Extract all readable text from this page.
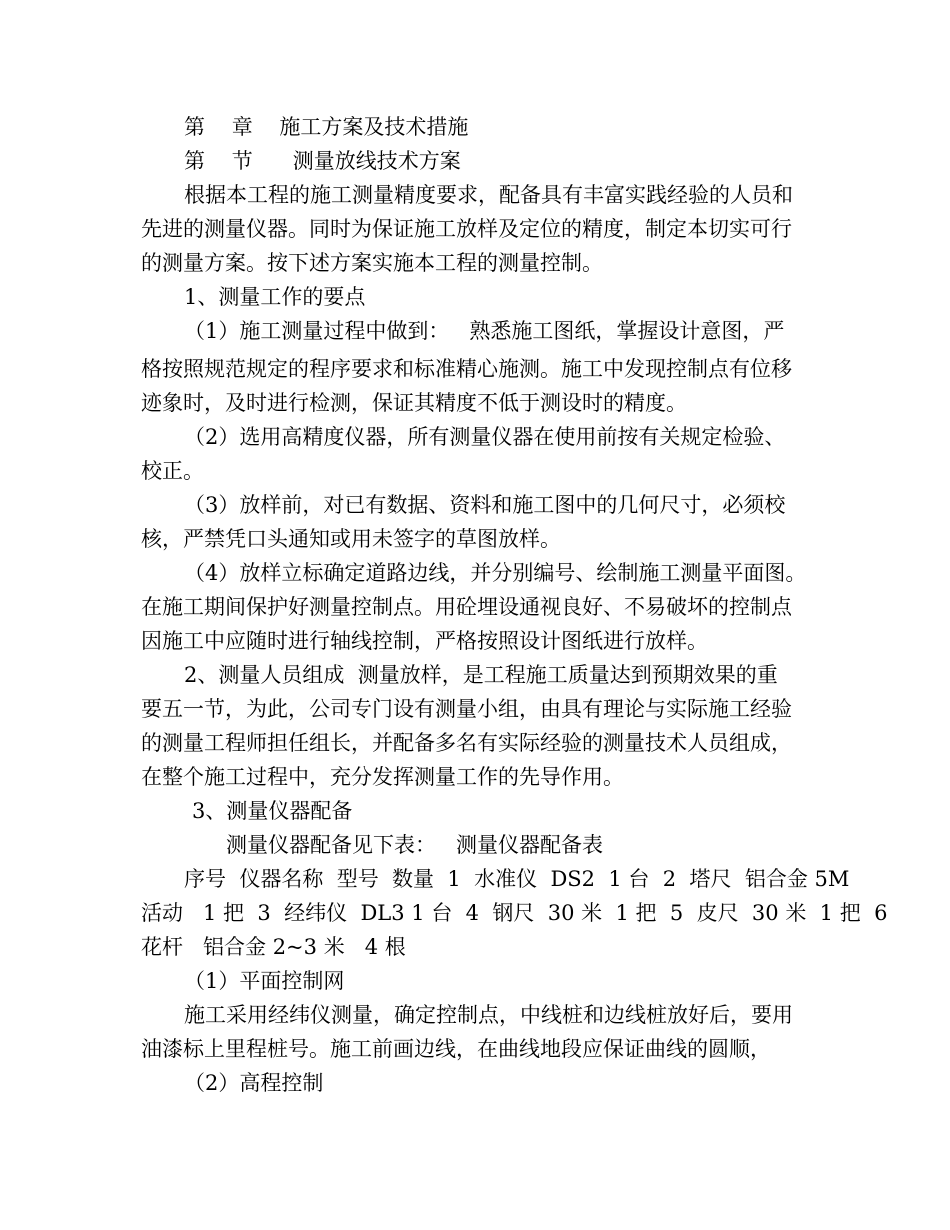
第    章    施工方案及技术措施

第    节      测量放线技术方案

根据本工程的施工测量精度要求，配备具有丰富实践经验的人员和

先进的测量仪器。同时为保证施工放样及定位的精度，制定本切实可行

的测量方案。按下述方案实施本工程的测量控制。

1、测量工作的要点

（1）施工测量过程中做到：   熟悉施工图纸，掌握设计意图，严

格按照规范规定的程序要求和标准精心施测。施工中发现控制点有位移

迹象时，及时进行检测，保证其精度不低于测设时的精度。

（2）选用高精度仪器，所有测量仪器在使用前按有关规定检验、

校正。

（3）放样前，对已有数据、资料和施工图中的几何尺寸，必须校

核，严禁凭口头通知或用未签字的草图放样。

（4）放样立标确定道路边线，并分别编号、绘制施工测量平面图。

在施工期间保护好测量控制点。用砼埋设通视良好、不易破坏的控制点

因施工中应随时进行轴线控制，严格按照设计图纸进行放样。

2、测量人员组成  测量放样，是工程施工质量达到预期效果的重

要五一节，为此，公司专门设有测量小组，由具有理论与实际施工经验

的测量工程师担任组长，并配备多名有实际经验的测量技术人员组成，

在整个施工过程中，充分发挥测量工作的先导作用。

3、测量仪器配备

测量仪器配备见下表：   测量仪器配备表

序号  仪器名称  型号  数量  1  水准仪  DS2  1 台  2  塔尺  铝合金 5M

活动   1 把  3  经纬仪  DL3 1 台  4  钢尺  30 米  1 把  5  皮尺  30 米  1 把  6

花杆   铝合金 2~3 米   4 根

（1）平面控制网

施工采用经纬仪测量，确定控制点，中线桩和边线桩放好后，要用

油漆标上里程桩号。施工前画边线，在曲线地段应保证曲线的圆顺，

（2）高程控制
